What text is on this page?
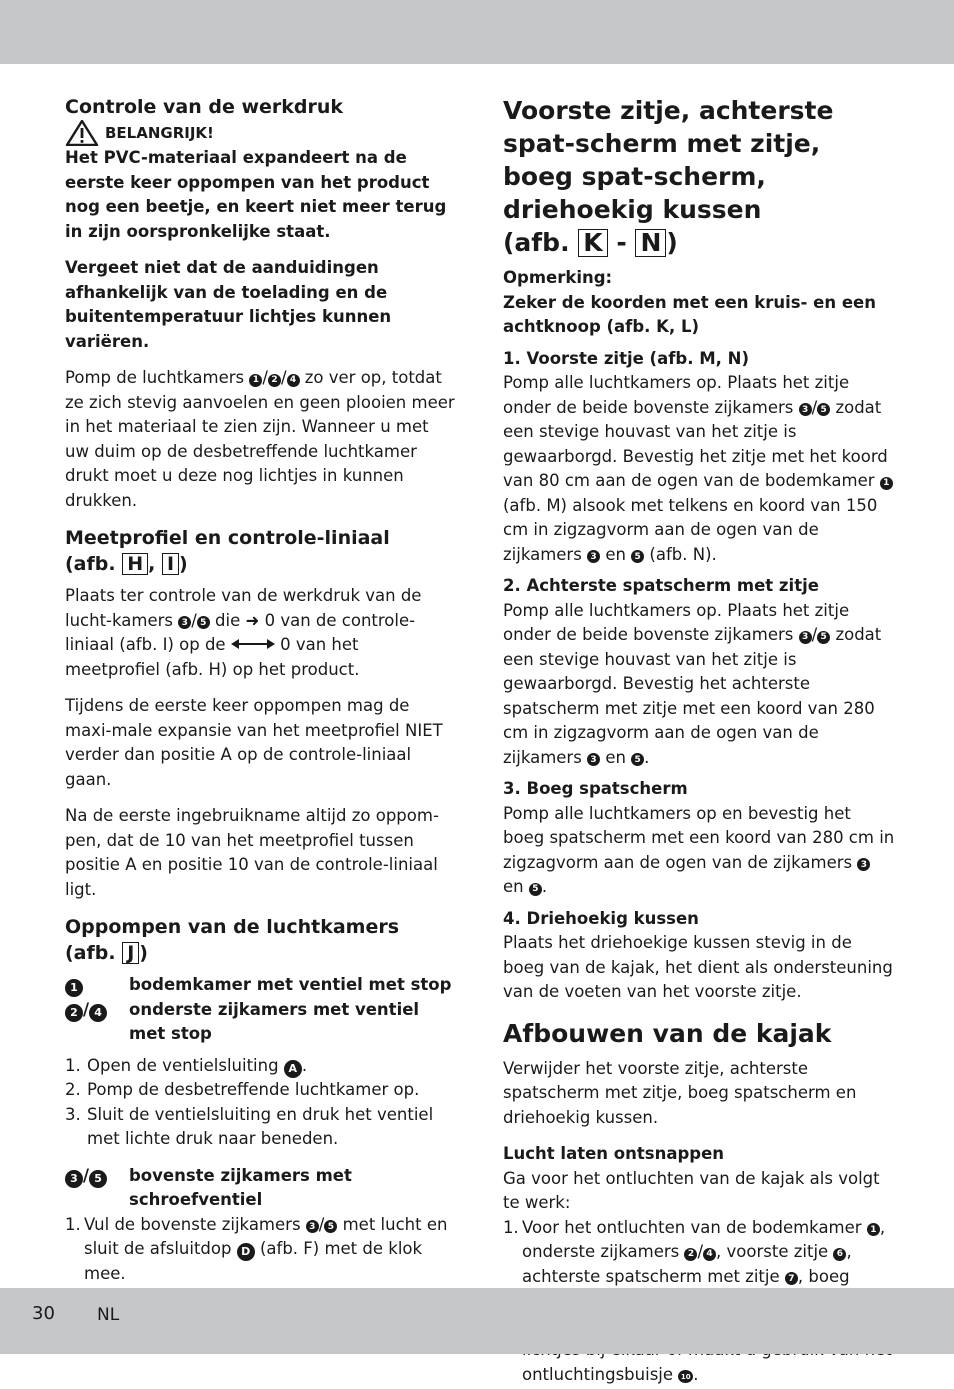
Controle van de werkdruk

BELANGRIJK!

Het PVC-materiaal expandeert na de eerste keer oppompen van het product nog een beetje, en keert niet meer terug in zijn oorspronkelijke staat.

Vergeet niet dat de aanduidingen afhankelijk van de toelading en de buitentemperatuur lichtjes kunnen variëren.

Pomp de luchtkamers 1 / 2 / 4 zo ver op, totdat ze zich stevig aanvoelen en geen plooien meer in het materiaal te zien zijn. Wanneer u met uw duim op de desbetreffende luchtkamer drukt moet u deze nog lichtjes in kunnen drukken.

Meetprofiel en controle-liniaal
(afb. H , I )

Plaats ter controle van de werkdruk van de lucht-kamers 3 / 5 die ➜ 0 van de controle-liniaal (afb. I) op de	0 van het meetprofiel (afb. H) op het product.

Tijdens de eerste keer oppompen mag de maxi-male expansie van het meetprofiel NIET verder dan positie A op de controle-liniaal gaan.

Na de eerste ingebruikname altijd zo oppom-pen, dat de 10 van het meetprofiel tussen positie A en positie 10 van de controle-liniaal ligt.

Oppompen van de luchtkamers
(afb. J )

1	bodemkamer met ventiel met stop
2 / 4	onderste zijkamers met ventiel met stop
1. Open de ventielsluiting A .
2. Pomp de desbetreffende luchtkamer op.
3. Sluit de ventielsluiting en druk het ventiel met lichte druk naar beneden.
3 / 5	bovenste zijkamers met schroefventiel
1. Vul de bovenste zijkamers 3 / 5 met lucht en sluit de afsluitdop D (afb. F) met de klok mee.

Voorste zitje, achterste spat-scherm met zitje, boeg spat-scherm, driehoekig kussen
(afb. K - N )

Opmerking:

Zeker de koorden met een kruis- en een achtknoop (afb. K, L)

1. Voorste zitje (afb. M, N)

Pomp alle luchtkamers op. Plaats het zitje onder de beide bovenste zijkamers 3 / 5 zodat een stevige houvast van het zitje is gewaarborgd. Bevestig het zitje met het koord van 80 cm aan de ogen van de bodemkamer 1 (afb. M) alsook met telkens en koord van 150 cm in zigzagvorm aan de ogen van de zijkamers 3 en 5 (afb. N).

2. Achterste spatscherm met zitje

Pomp alle luchtkamers op. Plaats het zitje onder de beide bovenste zijkamers 3 / 5 zodat een stevige houvast van het zitje is gewaarborgd. Bevestig het achterste spatscherm met zitje met een koord van 280 cm in zigzagvorm aan de ogen van de zijkamers 3 en 5 .

3. Boeg spatscherm

Pomp alle luchtkamers op en bevestig het boeg spatscherm met een koord van 280 cm in zigzagvorm aan de ogen van de zijkamers 3 en 5 .

4. Driehoekig kussen

Plaats het driehoekige kussen stevig in de boeg van de kajak, het dient als ondersteuning van de voeten van het voorste zitje.

Afbouwen van de kajak

Verwijder het voorste zitje, achterste spatscherm met zitje, boeg spatscherm en driehoekig kussen.

Lucht laten ontsnappen

Ga voor het ontluchten van de kajak als volgt te werk:

1. Voor het ontluchten van de bodemkamer 1 , onderste zijkamers 2 / 4 , voorste zitje 6 , achterste spatscherm met zitje 7 , boeg  ontluchtingsbuisje 10 .
30 NL
